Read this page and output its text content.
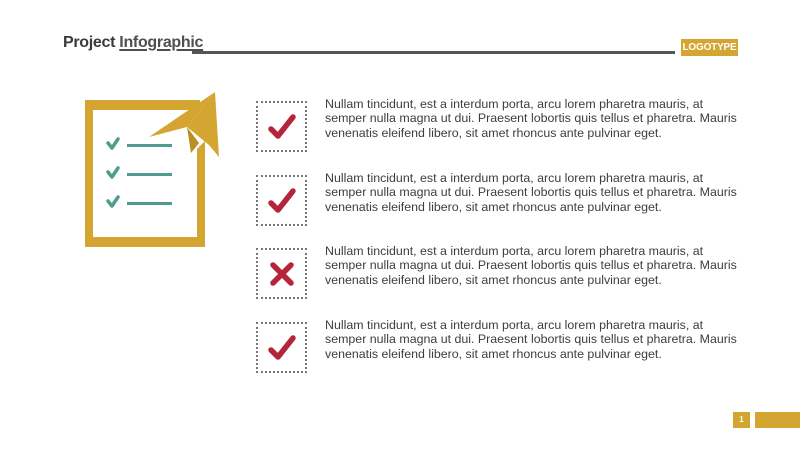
Project Infographic	LOGOTYPE
Nullam tincidunt, est a interdum porta, arcu lorem pharetra mauris, at semper nulla magna ut dui. Praesent lobortis quis tellus et pharetra. Mauris venenatis eleifend libero, sit amet rhoncus ante pulvinar eget.
Nullam tincidunt, est a interdum porta, arcu lorem pharetra mauris, at semper nulla magna ut dui. Praesent lobortis quis tellus et pharetra. Mauris venenatis eleifend libero, sit amet rhoncus ante pulvinar eget.
Nullam tincidunt, est a interdum porta, arcu lorem pharetra mauris, at semper nulla magna ut dui. Praesent lobortis quis tellus et pharetra. Mauris venenatis eleifend libero, sit amet rhoncus ante pulvinar eget.
Nullam tincidunt, est a interdum porta, arcu lorem pharetra mauris, at semper nulla magna ut dui. Praesent lobortis quis tellus et pharetra. Mauris venenatis eleifend libero, sit amet rhoncus ante pulvinar eget.
1
